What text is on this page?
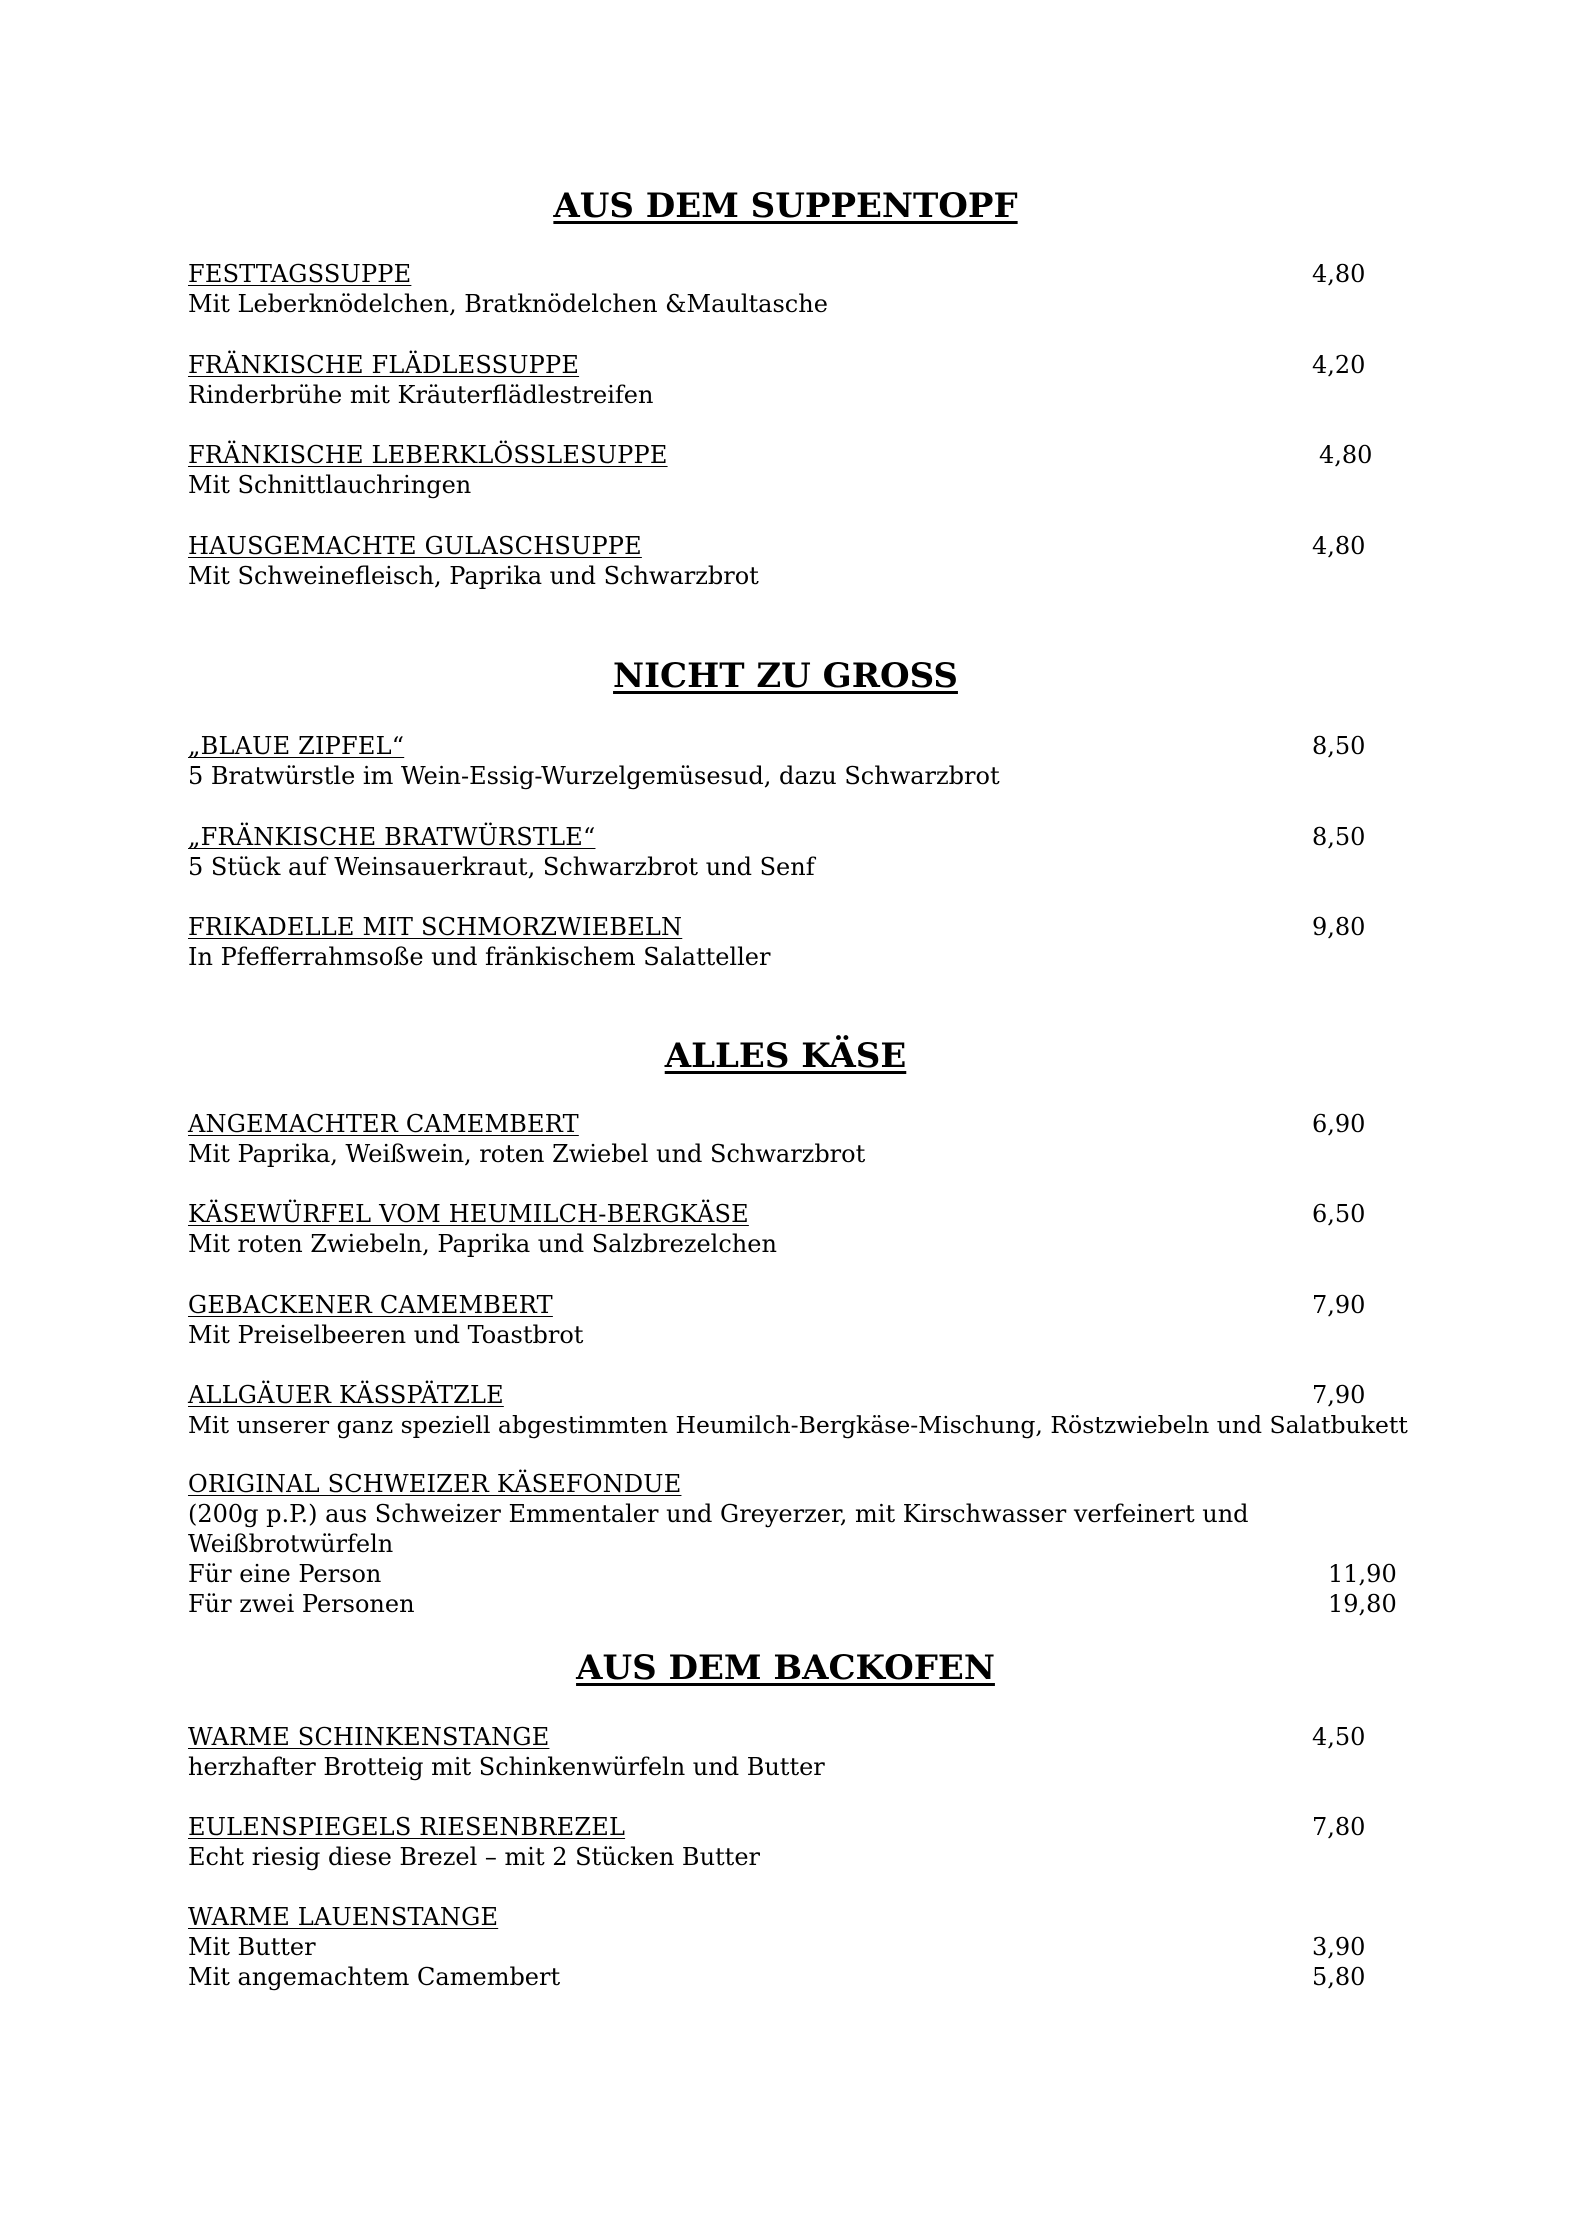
AUS DEM SUPPENTOPF
FESTTAGSSUPPE	4,80
Mit Leberknödelchen, Bratknödelchen &Maultasche
FRÄNKISCHE FLÄDLESSUPPE	4,20
Rinderbrühe mit Kräuterflädlestreifen
FRÄNKISCHE LEBERKLÖSSLESUPPE	4,80
Mit Schnittlauchringen
HAUSGEMACHTE GULASCHSUPPE	4,80
Mit Schweinefleisch, Paprika und Schwarzbrot
NICHT ZU GROSS
„BLAUE ZIPFEL“	8,50
5 Bratwürstle im Wein-Essig-Wurzelgemüsesud, dazu Schwarzbrot
„FRÄNKISCHE BRATWÜRSTLE“	8,50
5 Stück auf Weinsauerkraut, Schwarzbrot und Senf
FRIKADELLE MIT SCHMORZWIEBELN	9,80
In Pfefferrahmsoße und fränkischem Salatteller
ALLES KÄSE
ANGEMACHTER CAMEMBERT	6,90
Mit Paprika, Weißwein, roten Zwiebel und Schwarzbrot
KÄSEWÜRFEL VOM HEUMILCH-BERGKÄSE	6,50
Mit roten Zwiebeln, Paprika und Salzbrezelchen
GEBACKENER CAMEMBERT	7,90
Mit Preiselbeeren und Toastbrot
ALLGÄUER KÄSSPÄTZLE	7,90
Mit unserer ganz speziell abgestimmten Heumilch-Bergkäse-Mischung, Röstzwiebeln und Salatbukett
ORIGINAL SCHWEIZER KÄSEFONDUE
(200g p.P.) aus Schweizer Emmentaler und Greyerzer, mit Kirschwasser verfeinert und
Weißbrotwürfeln
Für eine Person	11,90
Für zwei Personen	19,80
AUS DEM BACKOFEN
WARME SCHINKENSTANGE	4,50
herzhafter Brotteig mit Schinkenwürfeln und Butter
EULENSPIEGELS RIESENBREZEL	7,80
Echt riesig diese Brezel – mit 2 Stücken Butter
WARME LAUENSTANGE
Mit Butter	3,90
Mit angemachtem Camembert	5,80
